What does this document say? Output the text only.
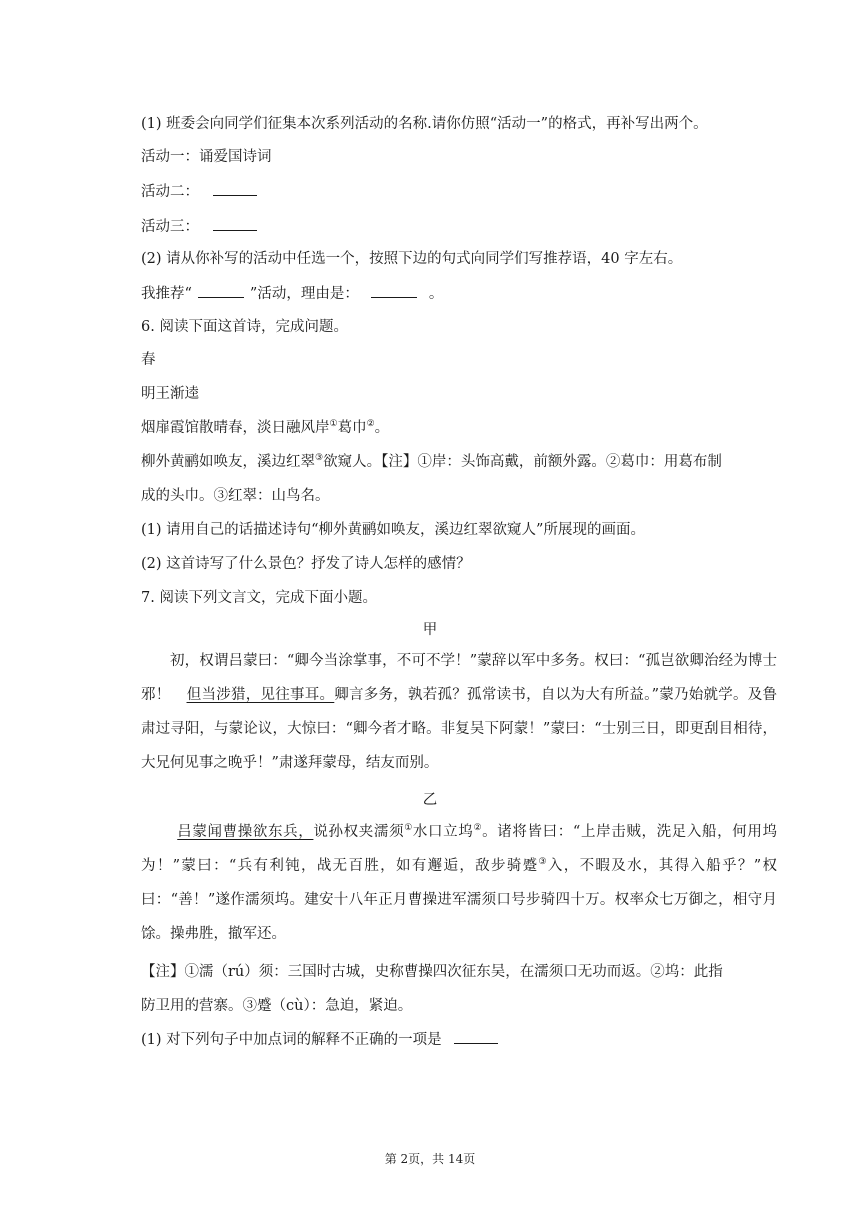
(1) 班委会向同学们征集本次系列活动的名称.请你仿照“活动一”的格式，再补写出两个。
活动一：诵爱国诗词
活动二：
活动三：
(2) 请从你补写的活动中任选一个，按照下边的句式向同学们写推荐语，40 字左右。
我推荐“	”活动，理由是：	。
6. 阅读下面这首诗，完成问题。
春
明王渐逵
烟扉霞馆散晴春，淡日融风岸①葛巾②。
柳外黄鹂如唤友，溪边红翠③欲窥人。【注】①岸：头饰高戴，前额外露。②葛巾：用葛布制
成的头巾。③红翠：山鸟名。
(1) 请用自己的话描述诗句“柳外黄鹂如唤友，溪边红翠欲窥人”所展现的画面。
(2) 这首诗写了什么景色？抒发了诗人怎样的感情？
7. 阅读下列文言文，完成下面小题。
甲
初，权谓吕蒙曰：“卿今当涂掌事，不可不学！”蒙辞以军中多务。权曰：“孤岂欲卿治经为博士邪！ 但当涉猎，见往事耳。卿言多务，孰若孤？孤常读书，自以为大有所益。”蒙乃始就学。及鲁肃过寻阳，与蒙论议，大惊曰：“卿今者才略。非复吴下阿蒙！”蒙曰：“士别三日，即更刮目相待，大兄何见事之晚乎！”肃遂拜蒙母，结友而别。
乙
吕蒙闻曹操欲东兵，说孙权夹濡须①水口立坞②。诸将皆曰：“上岸击贼，洗足入船，何用坞为！”蒙曰：“兵有利钝，战无百胜，如有邂逅，敌步骑蹙③入，不暇及水，其得入船乎？”权曰：“善！”遂作濡须坞。建安十八年正月曹操进军濡须口号步骑四十万。权率众七万御之，相守月馀。操弗胜，撤军还。
【注】①濡（rú）须：三国时古城，史称曹操四次征东吴，在濡须口无功而返。②坞：此指
防卫用的营寨。③蹙（cù）：急迫，紧迫。
(1) 对下列句子中加点词的解释不正确的一项是
第 2页，共 14页
